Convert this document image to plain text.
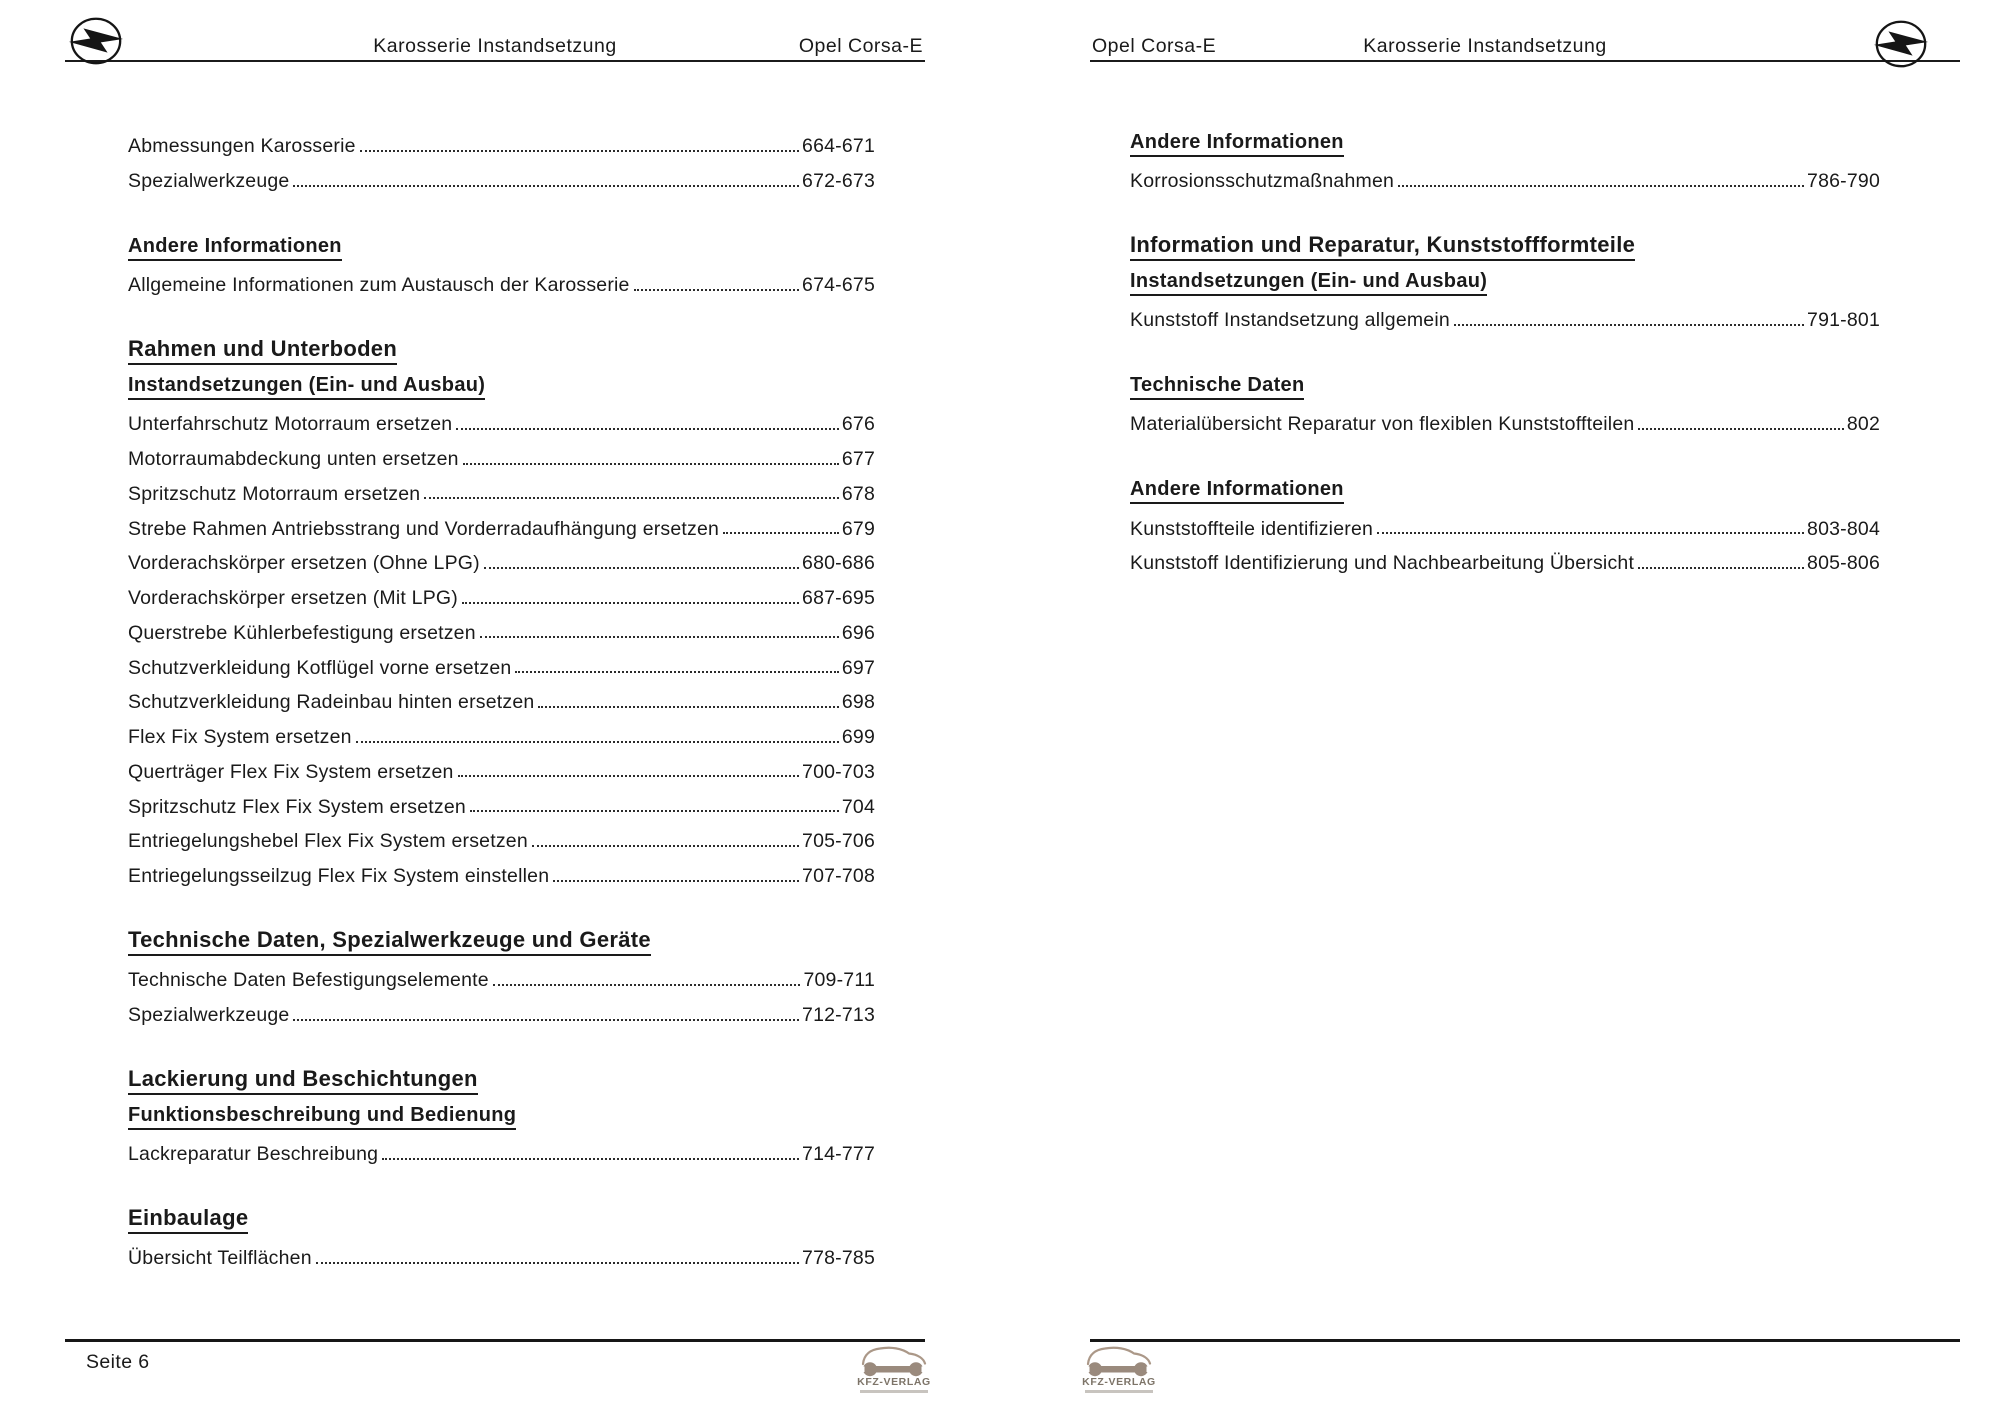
Karosserie Instandsetzung	Opel Corsa-E
Abmessungen Karosserie	664-671
Spezialwerkzeuge	672-673
Andere Informationen
Allgemeine Informationen zum Austausch der Karosserie	674-675
Rahmen und Unterboden
Instandsetzungen (Ein- und Ausbau)
Unterfahrschutz Motorraum ersetzen	676
Motorraumabdeckung unten ersetzen	677
Spritzschutz Motorraum ersetzen	678
Strebe Rahmen Antriebsstrang und Vorderradaufhängung ersetzen	679
Vorderachskörper ersetzen (Ohne LPG)	680-686
Vorderachskörper ersetzen (Mit LPG)	687-695
Querstrebe Kühlerbefestigung ersetzen	696
Schutzverkleidung Kotflügel vorne ersetzen	697
Schutzverkleidung Radeinbau hinten ersetzen	698
Flex Fix System ersetzen	699
Querträger Flex Fix System ersetzen	700-703
Spritzschutz Flex Fix System ersetzen	704
Entriegelungshebel Flex Fix System ersetzen	705-706
Entriegelungsseilzug Flex Fix System einstellen	707-708
Technische Daten, Spezialwerkzeuge und Geräte
Technische Daten Befestigungselemente	709-711
Spezialwerkzeuge	712-713
Lackierung und Beschichtungen
Funktionsbeschreibung und Bedienung
Lackreparatur Beschreibung	714-777
Einbaulage
Übersicht Teilflächen	778-785
Seite 6
KFZ-VERLAG
Opel Corsa-E	Karosserie Instandsetzung
Andere Informationen
Korrosionsschutzmaßnahmen	786-790
Information und Reparatur, Kunststoffformteile
Instandsetzungen (Ein- und Ausbau)
Kunststoff Instandsetzung allgemein	791-801
Technische Daten
Materialübersicht Reparatur von flexiblen Kunststoffteilen	802
Andere Informationen
Kunststoffteile identifizieren	803-804
Kunststoff Identifizierung und Nachbearbeitung Übersicht	805-806
KFZ-VERLAG
